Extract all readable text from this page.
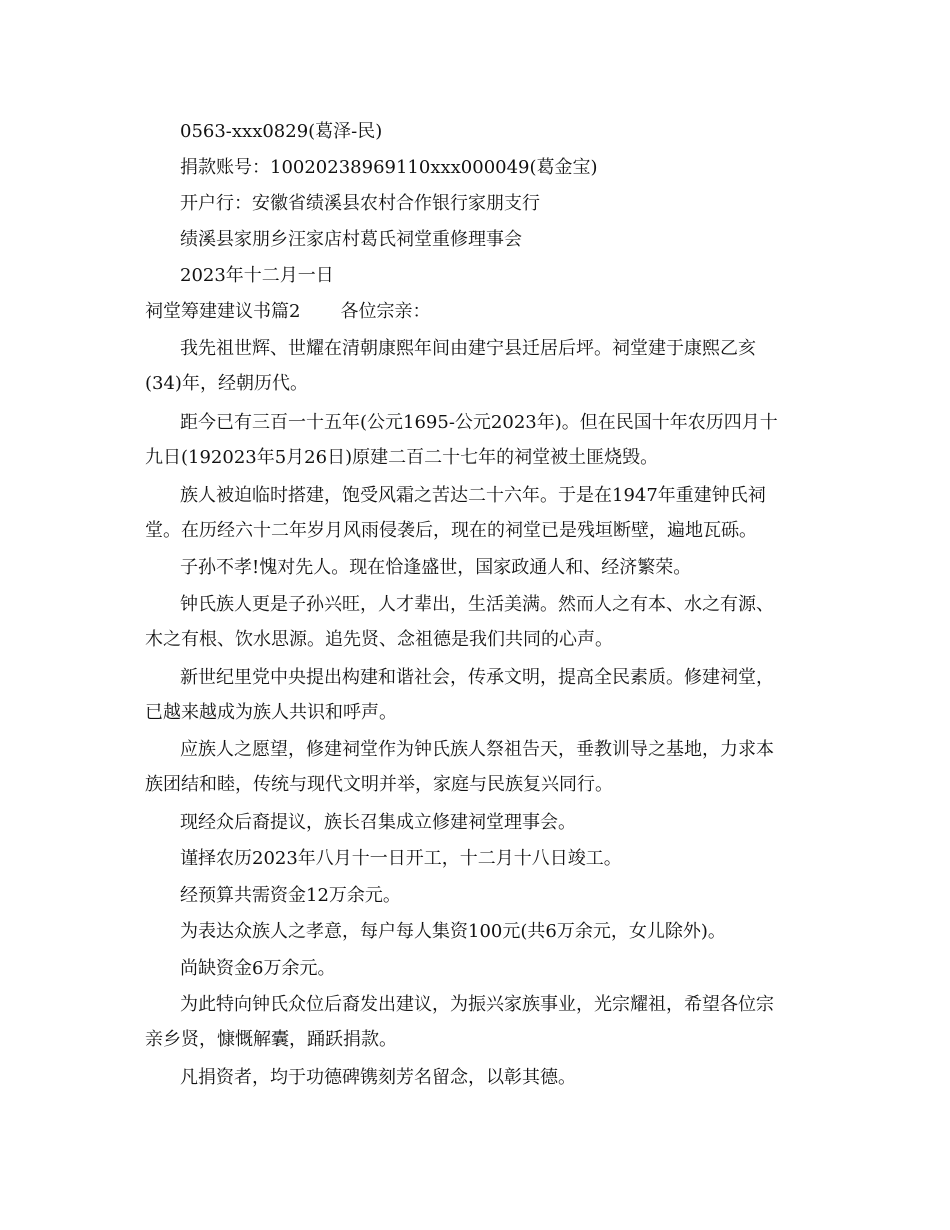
0563-xxx0829(葛泽-民)
捐款账号：10020238969110xxx000049(葛金宝)
开户行：安徽省绩溪县农村合作银行家朋支行
绩溪县家朋乡汪家店村葛氏祠堂重修理事会
2023年十二月一日
祠堂筹建建议书篇2 各位宗亲：
我先祖世辉、世耀在清朝康熙年间由建宁县迁居后坪。祠堂建于康熙乙亥
(34)年，经朝历代。
距今已有三百一十五年(公元1695-公元2023年)。但在民国十年农历四月十
九日(192023年5月26日)原建二百二十七年的祠堂被土匪烧毁。
族人被迫临时搭建，饱受风霜之苦达二十六年。于是在1947年重建钟氏祠
堂。在历经六十二年岁月风雨侵袭后，现在的祠堂已是残垣断壁，遍地瓦砾。
子孙不孝!愧对先人。现在恰逢盛世，国家政通人和、经济繁荣。
钟氏族人更是子孙兴旺，人才辈出，生活美满。然而人之有本、水之有源、
木之有根、饮水思源。追先贤、念祖德是我们共同的心声。
新世纪里党中央提出构建和谐社会，传承文明，提高全民素质。修建祠堂，
已越来越成为族人共识和呼声。
应族人之愿望，修建祠堂作为钟氏族人祭祖告天，垂教训导之基地，力求本
族团结和睦，传统与现代文明并举，家庭与民族复兴同行。
现经众后裔提议，族长召集成立修建祠堂理事会。
谨择农历2023年八月十一日开工，十二月十八日竣工。
经预算共需资金12万余元。
为表达众族人之孝意，每户每人集资100元(共6万余元，女儿除外)。
尚缺资金6万余元。
为此特向钟氏众位后裔发出建议，为振兴家族事业，光宗耀祖，希望各位宗
亲乡贤，慷慨解囊，踊跃捐款。
凡捐资者，均于功德碑镌刻芳名留念，以彰其德。
